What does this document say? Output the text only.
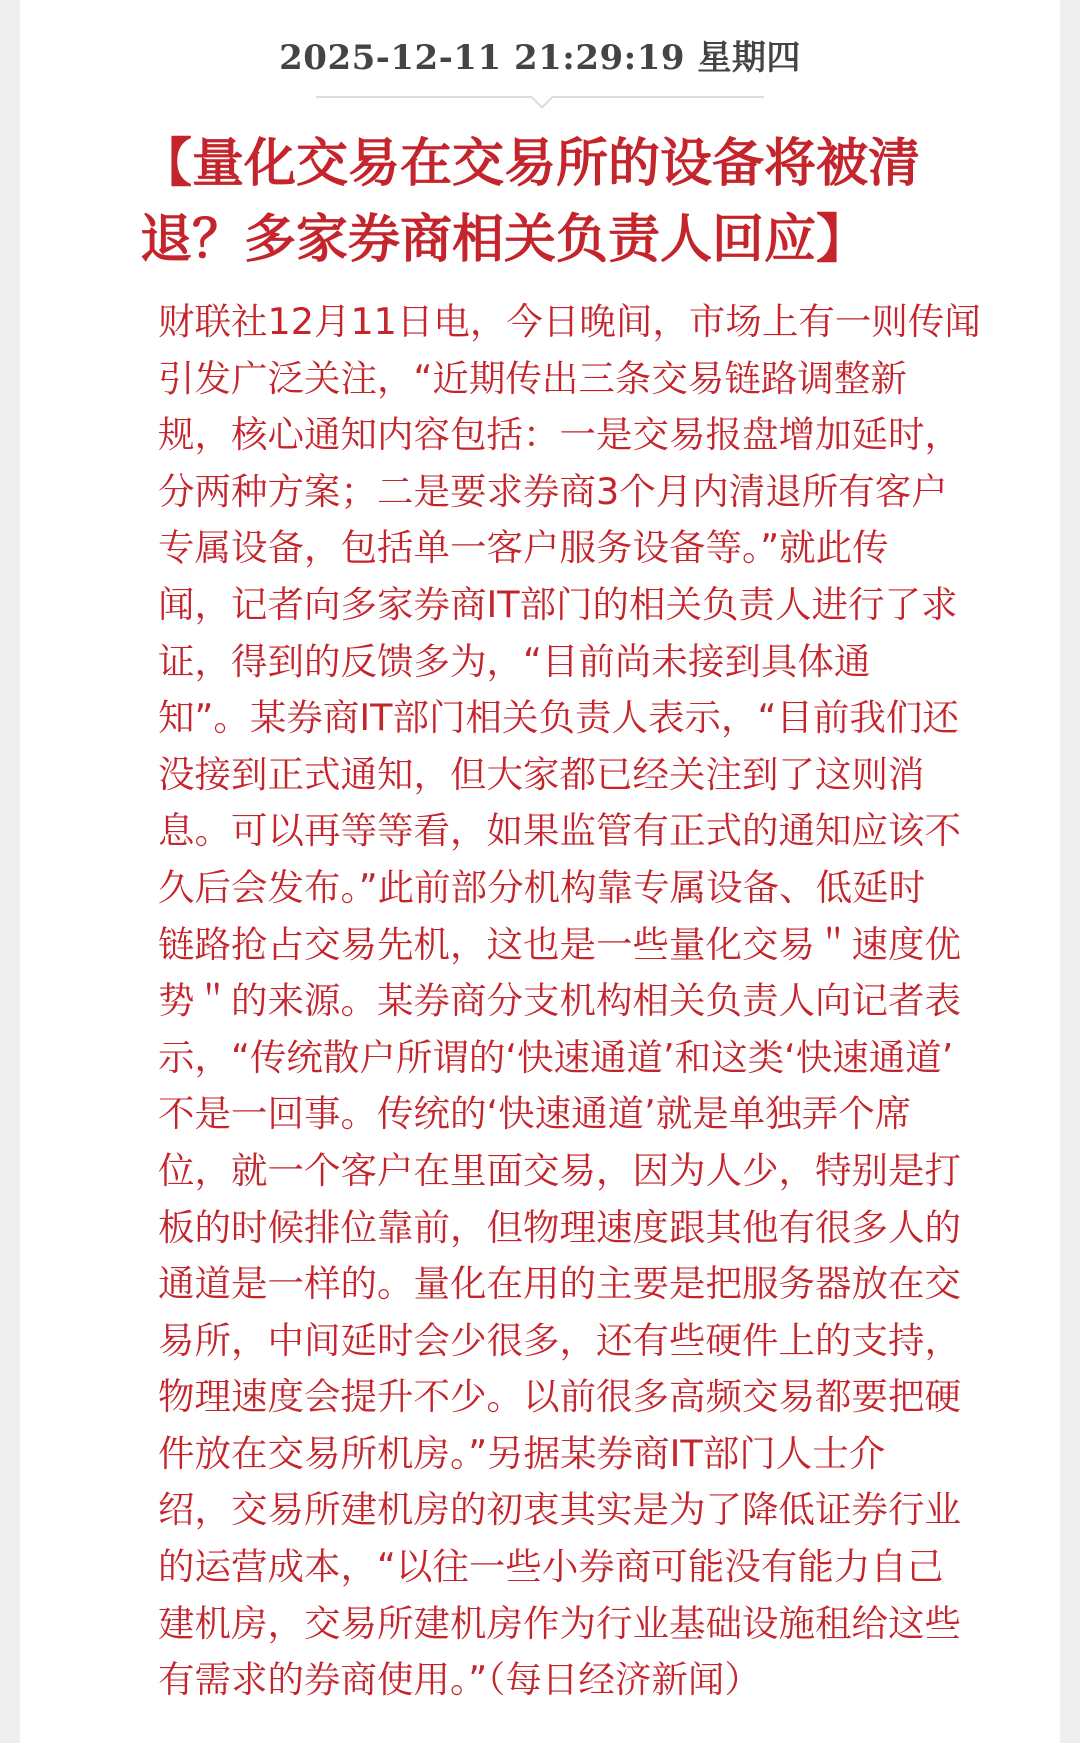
2025-12-11 21:29:19 星期四
【量化交易在交易所的设备将被清退？多家券商相关负责人回应】

财联社12月11日电，今日晚间，市场上有一则传闻
引发广泛关注，“近期传出三条交易链路调整新
规，核心通知内容包括：一是交易报盘增加延时，
分两种方案；二是要求券商3个月内清退所有客户
专属设备，包括单一客户服务设备等。”就此传
闻，记者向多家券商IT部门的相关负责人进行了求
证，得到的反馈多为，“目前尚未接到具体通
知”。某券商IT部门相关负责人表示，“目前我们还
没接到正式通知，但大家都已经关注到了这则消
息。可以再等等看，如果监管有正式的通知应该不
久后会发布。”此前部分机构靠专属设备、低延时
链路抢占交易先机，这也是一些量化交易＂速度优
势＂的来源。某券商分支机构相关负责人向记者表
示，“传统散户所谓的‘快速通道’和这类‘快速通道’
不是一回事。传统的‘快速通道’就是单独弄个席
位，就一个客户在里面交易，因为人少，特别是打
板的时候排位靠前，但物理速度跟其他有很多人的
通道是一样的。量化在用的主要是把服务器放在交
易所，中间延时会少很多，还有些硬件上的支持，
物理速度会提升不少。以前很多高频交易都要把硬
件放在交易所机房。”另据某券商IT部门人士介
绍，交易所建机房的初衷其实是为了降低证券行业
的运营成本，“以往一些小券商可能没有能力自己
建机房，交易所建机房作为行业基础设施租给这些
有需求的券商使用。”（每日经济新闻）
